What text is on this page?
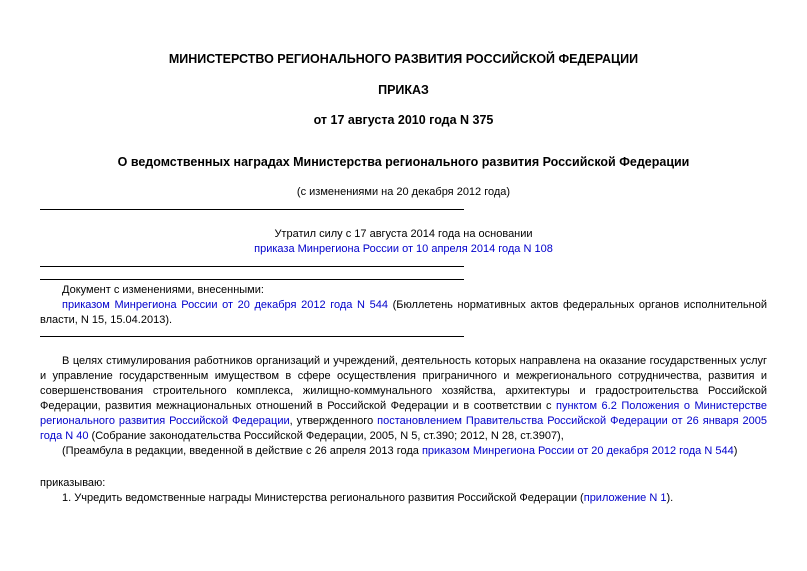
МИНИСТЕРСТВО РЕГИОНАЛЬНОГО РАЗВИТИЯ РОССИЙСКОЙ ФЕДЕРАЦИИ
ПРИКАЗ
от 17 августа 2010 года N 375
О ведомственных наградах Министерства регионального развития Российской Федерации
(с изменениями на 20 декабря 2012 года)
Утратил силу с 17 августа 2014 года на основании
приказа Минрегиона России от 10 апреля 2014 года N 108
Документ с изменениями, внесенными:
приказом Минрегиона России от 20 декабря 2012 года N 544 (Бюллетень нормативных актов федеральных органов исполнительной власти, N 15, 15.04.2013).
В целях стимулирования работников организаций и учреждений, деятельность которых направлена на оказание государственных услуг и управление государственным имуществом в сфере осуществления приграничного и межрегионального сотрудничества, развития и совершенствования строительного комплекса, жилищно-коммунального хозяйства, архитектуры и градостроительства Российской Федерации, развития межнациональных отношений в Российской Федерации и в соответствии с пунктом 6.2 Положения о Министерстве регионального развития Российской Федерации, утвержденного постановлением Правительства Российской Федерации от 26 января 2005 года N 40 (Собрание законодательства Российской Федерации, 2005, N 5, ст.390; 2012, N 28, ст.3907),
(Преамбула в редакции, введенной в действие с 26 апреля 2013 года приказом Минрегиона России от 20 декабря 2012 года N 544)
приказываю:
1. Учредить ведомственные награды Министерства регионального развития Российской Федерации (приложение N 1).
